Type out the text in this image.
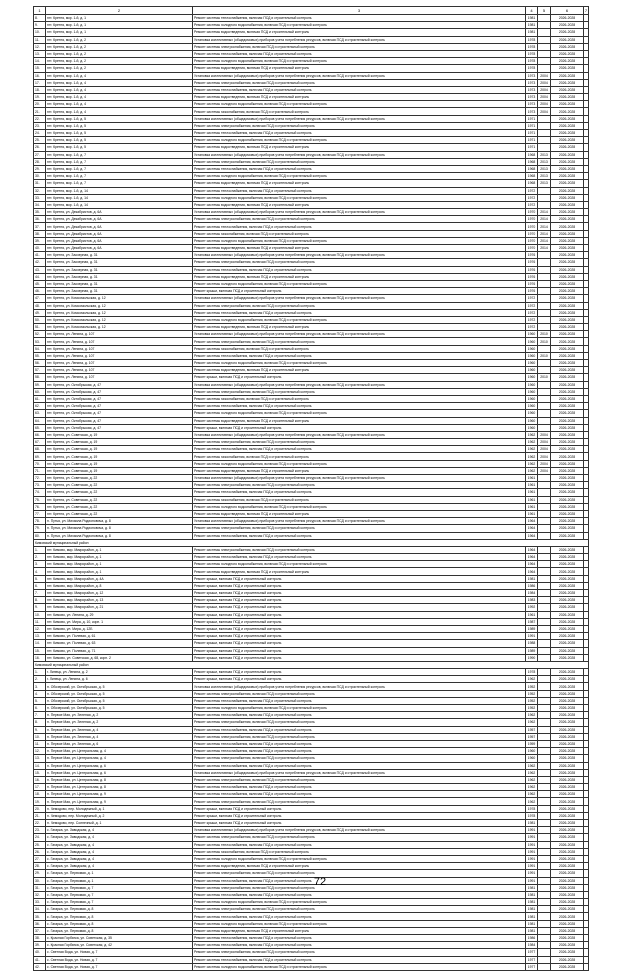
1	2	3	4	5	6	7
8.	пгт. Кретня, мкр. 1-й, д. 1	Ремонт системы теплоснабжения, включая ПСД и строительный контроль	1981		2026-2028	
9.	пгт. Кретня, мкр. 1-й, д. 1	Ремонт системы холодного водоснабжения, включая ПСД и строительный контроль	1981		2026-2028	
10.	пгт. Кретня, мкр. 1-й, д. 1	Ремонт системы водоотведения, включая ПСД и строительный контроль	1981		2026-2028	
11.	пгт. Кретня, мкр. 1-й, д. 2	Установка коллективных (общедомовых) приборов учета потребления ресурсов, включая ПСД и строительный контроль	1978		2026-2028	
12.	пгт. Кретня, мкр. 1-й, д. 2	Ремонт системы электроснабжения, включая ПСД и строительный контроль	1978		2026-2028	
13.	пгт. Кретня, мкр. 1-й, д. 2	Ремонт системы теплоснабжения, включая ПСД и строительный контроль	1978		2026-2028	
14.	пгт. Кретня, мкр. 1-й, д. 2	Ремонт системы холодного водоснабжения, включая ПСД и строительный контроль	1978		2026-2028	
15.	пгт. Кретня, мкр. 1-й, д. 2	Ремонт системы водоотведения, включая ПСД и строительный контроль	1978		2026-2028	
16.	пгт. Кретня, мкр. 1-й, д. 4	Установка коллективных (общедомовых) приборов учета потребления ресурсов, включая ПСД и строительный контроль	1973	2004	2026-2028	
17.	пгт. Кретня, мкр. 1-й, д. 4	Ремонт системы электроснабжения, включая ПСД и строительный контроль	1973	2004	2026-2028	
18.	пгт. Кретня, мкр. 1-й, д. 4	Ремонт системы теплоснабжения, включая ПСД и строительный контроль	1973	2004	2026-2028	
19.	пгт. Кретня, мкр. 1-й, д. 4	Ремонт системы водоотведения, включая ПСД и строительный контроль	1973	2004	2026-2028	
20.	пгт. Кретня, мкр. 1-й, д. 4	Ремонт системы холодного водоснабжения, включая ПСД и строительный контроль	1973	2004	2026-2028	
21.	пгт. Кретня, мкр. 1-й, д. 4	Ремонт системы газоснабжения, включая ПСД и строительный контроль	1973	2004	2026-2028	
22.	пгт. Кретня, мкр. 1-й, д. 5	Установка коллективных (общедомовых) приборов учета потребления ресурсов, включая ПСД и строительный контроль	1971		2026-2028	
23.	пгт. Кретня, мкр. 1-й, д. 5	Ремонт системы электроснабжения, включая ПСД и строительный контроль	1971		2026-2028	
24.	пгт. Кретня, мкр. 1-й, д. 5	Ремонт системы теплоснабжения, включая ПСД и строительный контроль	1971		2026-2028	
25.	пгт. Кретня, мкр. 1-й, д. 5	Ремонт системы холодного водоснабжения, включая ПСД и строительный контроль	1971		2026-2028	
26.	пгт. Кретня, мкр. 1-й, д. 5	Ремонт системы водоотведения, включая ПСД и строительный контроль	1971		2026-2028	
27.	пгт. Кретня, мкр. 1-й, д. 7	Установка коллективных (общедомовых) приборов учета потребления ресурсов, включая ПСД и строительный контроль	1968	2013	2026-2028	
28.	пгт. Кретня, мкр. 1-й, д. 7	Ремонт системы электроснабжения, включая ПСД и строительный контроль	1968	2013	2026-2028	
29.	пгт. Кретня, мкр. 1-й, д. 7	Ремонт системы теплоснабжения, включая ПСД и строительный контроль	1968	2013	2026-2028	
30.	пгт. Кретня, мкр. 1-й, д. 7	Ремонт системы холодного водоснабжения, включая ПСД и строительный контроль	1968	2013	2026-2028	
31.	пгт. Кретня, мкр. 1-й, д. 7	Ремонт системы водоотведения, включая ПСД и строительный контроль	1968	2013	2026-2028	
32.	пгт. Кретня, мкр. 1-й, д. 14	Ремонт системы теплоснабжения, включая ПСД и строительный контроль	1972		2026-2028	
33.	пгт. Кретня, мкр. 1-й, д. 14	Ремонт системы холодного водоснабжения, включая ПСД и строительный контроль	1972		2026-2028	
34.	пгт. Кретня, мкр. 1-й, д. 14	Ремонт системы водоотведения, включая ПСД и строительный контроль	1972		2026-2028	
35.	пгт. Кретня, ул. Декабристов, д. 6А	Установка коллективных (общедомовых) приборов учета потребления ресурсов, включая ПСД и строительный контроль	1970	2014	2026-2028	
36.	пгт. Кретня, ул. Декабристов, д. 6А	Ремонт системы электроснабжения, включая ПСД и строительный контроль	1970	2014	2026-2028	
37.	пгт. Кретня, ул. Декабристов, д. 6А	Ремонт системы теплоснабжения, включая ПСД и строительный контроль	1970	2014	2026-2028	
38.	пгт. Кретня, ул. Декабристов, д. 6А	Ремонт системы газоснабжения, включая ПСД и строительный контроль	1970	2014	2026-2028	
39.	пгт. Кретня, ул. Декабристов, д. 6А	Ремонт системы холодного водоснабжения, включая ПСД и строительный контроль	1970	2014	2026-2028	
40.	пгт. Кретня, ул. Декабристов, д. 6А	Ремонт системы водоотведения, включая ПСД и строительный контроль	1970	2014	2026-2028	
41.	пгт. Кретня, ул. Заозерная, д. 31	Установка коллективных (общедомовых) приборов учета потребления ресурсов, включая ПСД и строительный контроль	1976		2026-2028	
42.	пгт. Кретня, ул. Заозерная, д. 31	Ремонт системы электроснабжения, включая ПСД и строительный контроль	1976		2026-2028	
43.	пгт. Кретня, ул. Заозерная, д. 31	Ремонт системы теплоснабжения, включая ПСД и строительный контроль	1976		2026-2028	
44.	пгт. Кретня, ул. Заозерная, д. 31	Ремонт системы водоотведения, включая ПСД и строительный контроль	1976		2026-2028	
45.	пгт. Кретня, ул. Заозерная, д. 31	Ремонт системы холодного водоснабжения, включая ПСД и строительный контроль	1976		2026-2028	
46.	пгт. Кретня, ул. Заозерная, д. 31	Ремонт крыши, включая ПСД и строительный контроль	1976		2026-2028	
47.	пгт. Кретня, ул. Комсомольская, д. 12	Установка коллективных (общедомовых) приборов учета потребления ресурсов, включая ПСД и строительный контроль	1972		2026-2028	
48.	пгт. Кретня, ул. Комсомольская, д. 12	Ремонт системы электроснабжения, включая ПСД и строительный контроль	1972		2026-2028	
49.	пгт. Кретня, ул. Комсомольская, д. 12	Ремонт системы теплоснабжения, включая ПСД и строительный контроль	1972		2026-2028	
50.	пгт. Кретня, ул. Комсомольская, д. 12	Ремонт системы холодного водоснабжения, включая ПСД и строительный контроль	1972		2026-2028	
51.	пгт. Кретня, ул. Комсомольская, д. 12	Ремонт системы водоотведения, включая ПСД и строительный контроль	1972		2026-2028	
52.	пгт. Кретня, ул. Ленина, д. 107	Установка коллективных (общедомовых) приборов учета потребления ресурсов, включая ПСД и строительный контроль	1960	2010	2026-2028	
53.	пгт. Кретня, ул. Ленина, д. 107	Ремонт системы электроснабжения, включая ПСД и строительный контроль	1960	2010	2026-2028	
54.	пгт. Кретня, ул. Ленина, д. 107	Ремонт системы газоснабжения, включая ПСД и строительный контроль	1960		2026-2028	
55.	пгт. Кретня, ул. Ленина, д. 107	Ремонт системы теплоснабжения, включая ПСД и строительный контроль	1960	2010	2026-2028	
56.	пгт. Кретня, ул. Ленина, д. 107	Ремонт системы холодного водоснабжения, включая ПСД и строительный контроль	1960		2026-2028	
57.	пгт. Кретня, ул. Ленина, д. 107	Ремонт системы водоотведения, включая ПСД и строительный контроль	1960		2026-2028	
58.	пгт. Кретня, ул. Ленина, д. 107	Ремонт крыши, включая ПСД и строительный контроль	1960	2010	2026-2028	
59.	пгт. Кретня, ул. Октябрьская, д. 47	Установка коллективных (общедомовых) приборов учета потребления ресурсов, включая ПСД и строительный контроль	1960		2026-2028	
60.	пгт. Кретня, ул. Октябрьская, д. 47	Ремонт системы электроснабжения, включая ПСД и строительный контроль	1960		2026-2028	
61.	пгт. Кретня, ул. Октябрьская, д. 47	Ремонт системы газоснабжения, включая ПСД и строительный контроль	1960		2026-2028	
62.	пгт. Кретня, ул. Октябрьская, д. 47	Ремонт системы теплоснабжения, включая ПСД и строительный контроль	1960		2026-2028	
63.	пгт. Кретня, ул. Октябрьская, д. 47	Ремонт системы холодного водоснабжения, включая ПСД и строительный контроль	1960		2026-2028	
64.	пгт. Кретня, ул. Октябрьская, д. 47	Ремонт системы водоотведения, включая ПСД и строительный контроль	1960		2026-2028	
65.	пгт. Кретня, ул. Октябрьская, д. 47	Ремонт крыши, включая ПСД и строительный контроль	1960		2026-2028	
66.	пгт. Кретня, ул. Советская, д. 19	Установка коллективных (общедомовых) приборов учета потребления ресурсов, включая ПСД и строительный контроль	1962	2004	2026-2028	
67.	пгт. Кретня, ул. Советская, д. 19	Ремонт системы электроснабжения, включая ПСД и строительный контроль	1962	2004	2026-2028	
68.	пгт. Кретня, ул. Советская, д. 19	Ремонт системы теплоснабжения, включая ПСД и строительный контроль	1962	2004	2026-2028	
69.	пгт. Кретня, ул. Советская, д. 19	Ремонт системы газоснабжения, включая ПСД и строительный контроль	1962	2004	2026-2028	
70.	пгт. Кретня, ул. Советская, д. 19	Ремонт системы холодного водоснабжения, включая ПСД и строительный контроль	1962	2004	2026-2028	
71.	пгт. Кретня, ул. Советская, д. 19	Ремонт системы водоотведения, включая ПСД и строительный контроль	1962	2004	2026-2028	
72.	пгт. Кретня, ул. Советская, д. 22	Установка коллективных (общедомовых) приборов учета потребления ресурсов, включая ПСД и строительный контроль	1961		2026-2028	
73.	пгт. Кретня, ул. Советская, д. 22	Ремонт системы электроснабжения, включая ПСД и строительный контроль	1961		2026-2028	
74.	пгт. Кретня, ул. Советская, д. 22	Ремонт системы теплоснабжения, включая ПСД и строительный контроль	1961		2026-2028	
75.	пгт. Кретня, ул. Советская, д. 22	Ремонт системы газоснабжения, включая ПСД и строительный контроль	1961		2026-2028	
76.	пгт. Кретня, ул. Советская, д. 22	Ремонт системы холодного водоснабжения, включая ПСД и строительный контроль	1961		2026-2028	
77.	пгт. Кретня, ул. Советская, д. 22	Ремонт системы водоотведения, включая ПСД и строительный контроль	1961		2026-2028	
78.	п. Путья, ул. Михаила Родионовича, д. 8	Установка коллективных (общедомовых) приборов учета потребления ресурсов, включая ПСД и строительный контроль	1964		2026-2028	
79.	п. Путья, ул. Михаила Родионовича, д. 8	Ремонт системы электроснабжения, включая ПСД и строительный контроль	1964		2026-2028	
80.	п. Путья, ул. Михаила Родионовича, д. 8	Ремонт системы теплоснабжения, включая ПСД и строительный контроль	1964		2026-2028	
Кимовский муниципальный район						
1.	пгт. Кимово, мкр. Микрорайон, д. 1	Ремонт системы электроснабжения, включая ПСД и строительный контроль	1964		2026-2028	
2.	пгт. Кимово, мкр. Микрорайон, д. 1	Ремонт системы теплоснабжения, включая ПСД и строительный контроль	1964		2026-2028	
3.	пгт. Кимово, мкр. Микрорайон, д. 1	Ремонт системы холодного водоснабжения, включая ПСД и строительный контроль	1964		2026-2028	
4.	пгт. Кимово, мкр. Микрорайон, д. 1	Ремонт системы водоотведения, включая ПСД и строительный контроль	1964		2026-2028	
5.	пгт. Кимово, мкр. Микрорайон, д. 4А	Ремонт крыши, включая ПСД и строительный контроль	1981		2026-2028	
6.	пгт. Кимово, мкр. Микрорайон, д. 8	Ремонт крыши, включая ПСД и строительный контроль	1986		2026-2028	
7.	пгт. Кимово, мкр. Микрорайон, д. 12	Ремонт крыши, включая ПСД и строительный контроль	1984		2026-2028	
8.	пгт. Кимово, мкр. Микрорайон, д. 13	Ремонт крыши, включая ПСД и строительный контроль	1983		2026-2028	
9.	пгт. Кимово, мкр. Микрорайон, д. 21	Ремонт крыши, включая ПСД и строительный контроль	1992		2026-2028	
10.	пгт. Кимово, ул. Ленина, д. 29	Ремонт крыши, включая ПСД и строительный контроль	1961		2026-2028	
11.	пгт. Кимово, ул. Мира, д. 10, корп. 1	Ремонт крыши, включая ПСД и строительный контроль	1987		2026-2028	
12.	пгт. Кимово, ул. Мира, д. 12Б	Ремонт крыши, включая ПСД и строительный контроль	1989		2026-2028	
13.	пгт. Кимово, ул. Полевая, д. 61	Ремонт крыши, включая ПСД и строительный контроль	1991		2026-2028	
14.	пгт. Кимово, ул. Полевая, д. 63	Ремонт крыши, включая ПСД и строительный контроль	1988		2026-2028	
15.	пгт. Кимово, ул. Полевая, д. 71	Ремонт крыши, включая ПСД и строительный контроль	1989		2026-2028	
16.	пгт. Кимово, ул. Советская, д. 68, корп. 2	Ремонт крыши, включая ПСД и строительный контроль	1990		2026-2028	
Кимовский муниципальный район						
1.	г. Липецк, ул. Ленина, д. 2	Ремонт крыши, включая ПСД и строительный контроль	1978		2026-2028	
2.	г. Липецк, ул. Ленина, д. 6	Ремонт крыши, включая ПСД и строительный контроль	1962		2026-2028	
3.	п. Обозерский, ул. Октябрьская, д. 5	Установка коллективных (общедомовых) приборов учета потребления ресурсов, включая ПСД и строительный контроль	1952		2026-2028	
4.	п. Обозерский, ул. Октябрьская, д. 5	Ремонт системы электроснабжения, включая ПСД и строительный контроль	1952		2026-2028	
5.	п. Обозерский, ул. Октябрьская, д. 5	Ремонт системы теплоснабжения, включая ПСД и строительный контроль	1952		2026-2028	
6.	п. Обозерский, ул. Октябрьская, д. 5	Ремонт системы холодного водоснабжения, включая ПСД и строительный контроль	1952		2026-2028	
7.	п. Первое Мая, ул. Зеленая, д. 2	Ремонт системы теплоснабжения, включая ПСД и строительный контроль	1962		2026-2028	
8.	п. Первое Мая, ул. Зеленая, д. 2	Ремонт системы электроснабжения, включая ПСД и строительный контроль	1962		2026-2028	
9.	п. Первое Мая, ул. Зеленая, д. 4	Ремонт системы теплоснабжения, включая ПСД и строительный контроль	1957		2026-2028	
10.	п. Первое Мая, ул. Зеленая, д. 4	Ремонт системы электроснабжения, включая ПСД и строительный контроль	1957		2026-2028	
11.	п. Первое Мая, ул. Зеленая, д. 6	Ремонт системы теплоснабжения, включая ПСД и строительный контроль	1959		2026-2028	
12.	п. Первое Мая, ул. Центральная, д. 4	Ремонт системы теплоснабжения, включая ПСД и строительный контроль	1960		2026-2028	
13.	п. Первое Мая, ул. Центральная, д. 4	Ремонт системы электроснабжения, включая ПСД и строительный контроль	1960		2026-2028	
14.	п. Первое Мая, ул. Центральная, д. 6	Ремонт системы теплоснабжения, включая ПСД и строительный контроль	1962		2026-2028	
15.	п. Первое Мая, ул. Центральная, д. 6	Установка коллективных (общедомовых) приборов учета потребления ресурсов, включая ПСД и строительный контроль	1962		2026-2028	
16.	п. Первое Мая, ул. Центральная, д. 8	Ремонт системы электроснабжения, включая ПСД и строительный контроль	1962		2026-2028	
17.	п. Первое Мая, ул. Центральная, д. 8	Ремонт системы теплоснабжения, включая ПСД и строительный контроль	1962		2026-2028	
18.	п. Первое Мая, ул. Центральная, д. 9	Ремонт системы теплоснабжения, включая ПСД и строительный контроль	1962		2026-2028	
19.	п. Первое Мая, ул. Центральная, д. 9	Ремонт системы электроснабжения, включая ПСД и строительный контроль	1962		2026-2028	
20.	п. Чемодово, пер. Молодежный, д. 1	Ремонт крыши, включая ПСД и строительный контроль	1978		2026-2028	
21.	п. Чемодово, пер. Молодежный, д. 2	Ремонт крыши, включая ПСД и строительный контроль	1978		2026-2028	
22.	п. Чемодово, пер. Солнечный, д. 1	Ремонт крыши, включая ПСД и строительный контроль	1981		2026-2028	
23.	с. Гагарка, ул. Заводская, д. 4	Установка коллективных (общедомовых) приборов учета потребления ресурсов, включая ПСД и строительный контроль	1991		2026-2028	
24.	с. Гагарка, ул. Заводская, д. 4	Ремонт системы электроснабжения, включая ПСД и строительный контроль	1991		2026-2028	
25.	с. Гагарка, ул. Заводская, д. 4	Ремонт системы теплоснабжения, включая ПСД и строительный контроль	1991		2026-2028	
26.	с. Гагарка, ул. Заводская, д. 4	Ремонт системы газоснабжения, включая ПСД и строительный контроль	1991		2026-2028	
27.	с. Гагарка, ул. Заводская, д. 4	Ремонт системы холодного водоснабжения, включая ПСД и строительный контроль	1991		2026-2028	
28.	с. Гагарка, ул. Заводская, д. 4	Ремонт системы водоотведения, включая ПСД и строительный контроль	1991		2026-2028	
29.	с. Гагарка, ул. Первомая, д. 1	Ремонт системы электроснабжения, включая ПСД и строительный контроль	1991		2026-2028	
30.	с. Гагарка, ул. Первомая, д. 1	Ремонт системы теплоснабжения, включая ПСД и строительный контроль	1991		2026-2028	
31.	с. Гагарка, ул. Первомая, д. 7	Ремонт системы электроснабжения, включая ПСД и строительный контроль	1981		2026-2028	
32.	с. Гагарка, ул. Первомая, д. 7	Ремонт системы теплоснабжения, включая ПСД и строительный контроль	1981		2026-2028	
33.	с. Гагарка, ул. Первомая, д. 7	Ремонт системы холодного водоснабжения, включая ПСД и строительный контроль	1981		2026-2028	
34.	с. Гагарка, ул. Первомая, д. 8	Ремонт системы электроснабжения, включая ПСД и строительный контроль	1981		2026-2028	
35.	с. Гагарка, ул. Первомая, д. 8	Ремонт системы теплоснабжения, включая ПСД и строительный контроль	1981		2026-2028	
36.	с. Гагарка, ул. Первомая, д. 8	Ремонт системы холодного водоснабжения, включая ПСД и строительный контроль	1981		2026-2028	
37.	с. Гагарка, ул. Первомая, д. 8	Ремонт системы водоотведения, включая ПСД и строительный контроль	1981		2026-2028	
38.	с. Красная Горбатка, ул. Советская, д. 35	Ремонт системы теплоснабжения, включая ПСД и строительный контроль	1986		2026-2028	
39.	с. Красная Горбатка, ул. Советская, д. 42	Ремонт системы теплоснабжения, включая ПСД и строительный контроль	1984		2026-2028	
40.	с. Светлая Вода, ул. Новая, д. 7	Ремонт системы электроснабжения, включая ПСД и строительный контроль	1977		2026-2028	
41.	с. Светлая Вода, ул. Новая, д. 7	Ремонт системы теплоснабжения, включая ПСД и строительный контроль	1977		2026-2028	
42.	с. Светлая Вода, ул. Новая, д. 7	Ремонт системы холодного водоснабжения, включая ПСД и строительный контроль	1977		2026-2028	
72
